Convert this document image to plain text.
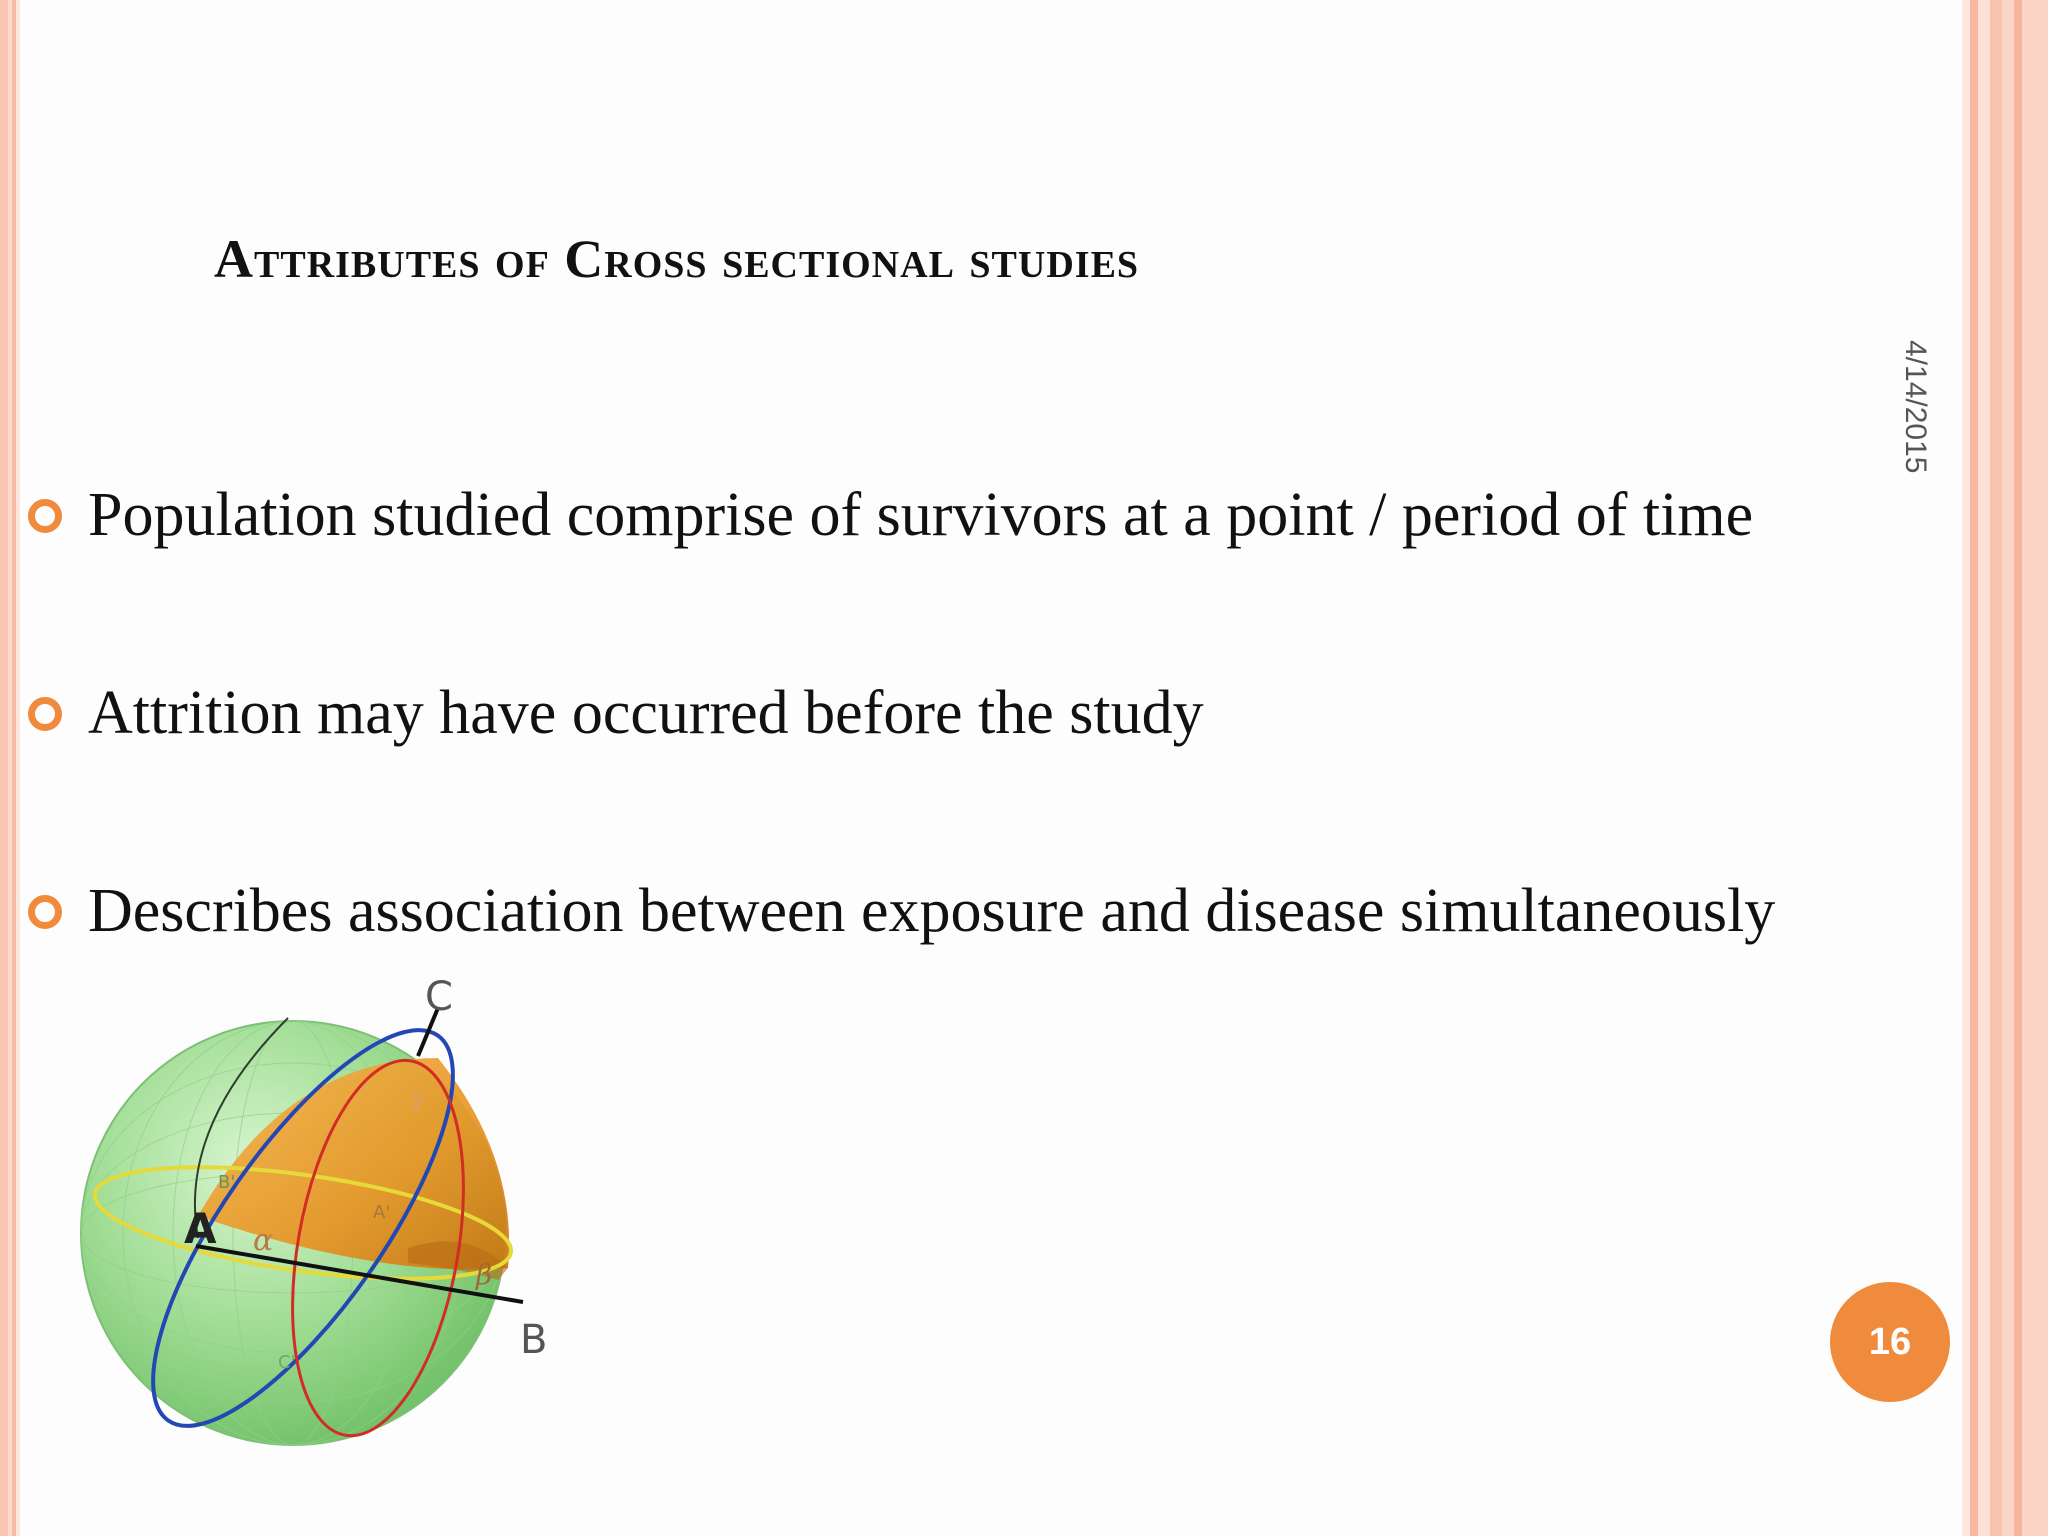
Attributes of Cross sectional studies
4/14/2015
Population studied comprise of survivors at a point / period of time
Attrition may have occurred before the study
Describes association between exposure and disease simultaneously
C
A
B
α
β
γ
A'
B'
C'	16
